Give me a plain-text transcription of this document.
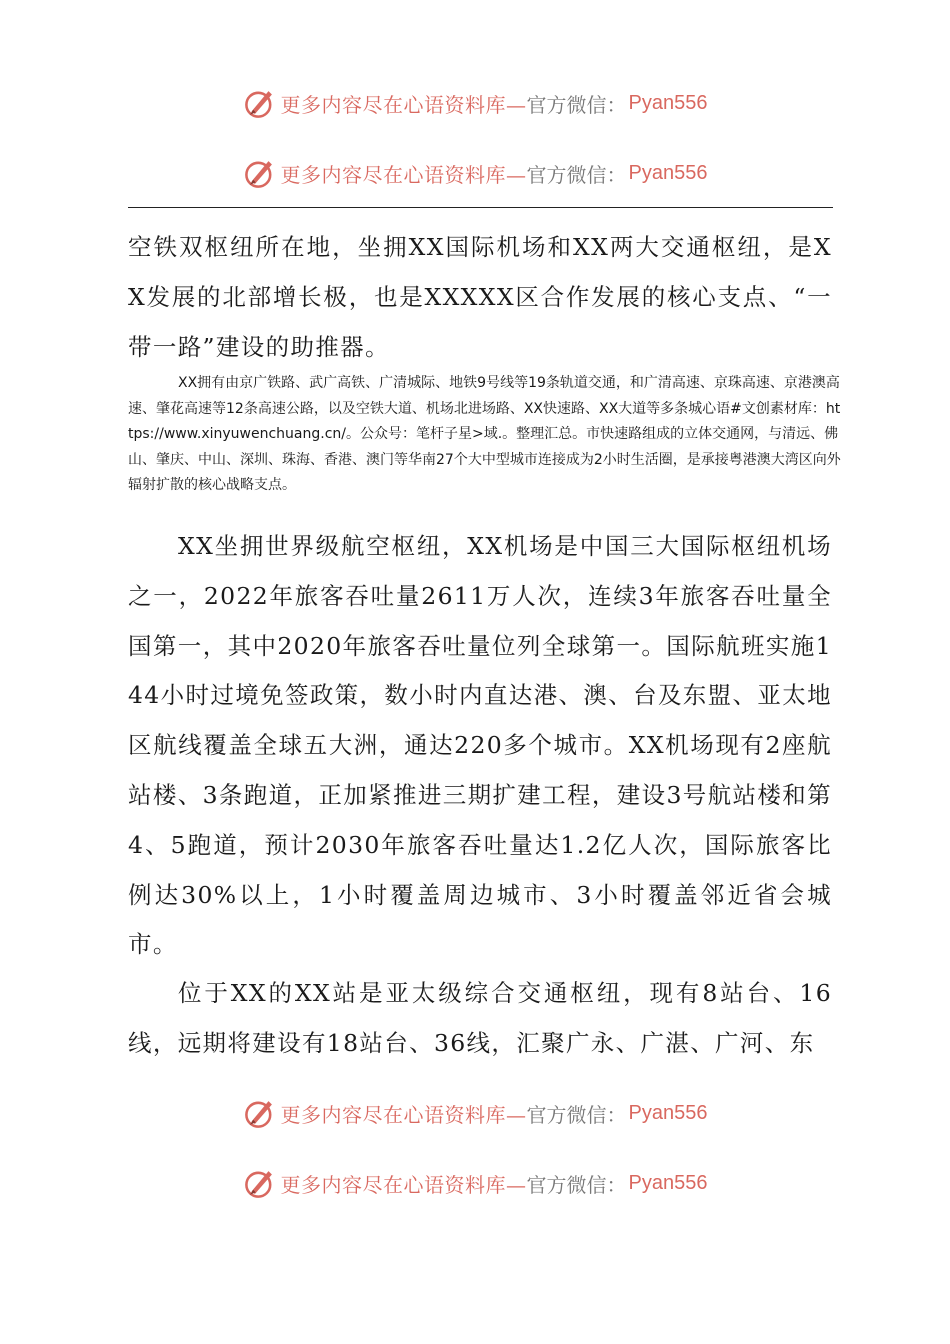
更多内容尽在心语资料库— 官方微信： Pyan556
更多内容尽在心语资料库— 官方微信： Pyan556

空铁双枢纽所在地，坐拥XX国际机场和XX两大交通枢纽，是XX发展的北部增长极，也是XXXXX区合作发展的核心支点、“一带一路”建设的助推器。

XX拥有由京广铁路、武广高铁、广清城际、地铁9号线等19条轨道交通，和广清高速、京珠高速、京港澳高速、肇花高速等12条高速公路，以及空铁大道、机场北进场路、XX快速路、XX大道等多条城心语#文创素材库：https://www.xinyuwenchuang.cn/。公众号：笔杆子星>域.。整理汇总。市快速路组成的立体交通网，与清远、佛山、肇庆、中山、深圳、珠海、香港、澳门等华南27个大中型城市连接成为2小时生活圈，是承接粤港澳大湾区向外辐射扩散的核心战略支点。

XX坐拥世界级航空枢纽，XX机场是中国三大国际枢纽机场之一，2022年旅客吞吐量2611万人次，连续3年旅客吞吐量全国第一，其中2020年旅客吞吐量位列全球第一。国际航班实施144小时过境免签政策，数小时内直达港、澳、台及东盟、亚太地区航线覆盖全球五大洲，通达220多个城市。XX机场现有2座航站楼、3条跑道，正加紧推进三期扩建工程，建设3号航站楼和第4、5跑道，预计2030年旅客吞吐量达1.2亿人次，国际旅客比例达30%以上，1小时覆盖周边城市、3小时覆盖邻近省会城市。

位于XX的XX站是亚太级综合交通枢纽，现有8站台、16线，远期将建设有18站台、36线，汇聚广永、广湛、广河、东

更多内容尽在心语资料库— 官方微信： Pyan556
更多内容尽在心语资料库— 官方微信： Pyan556
